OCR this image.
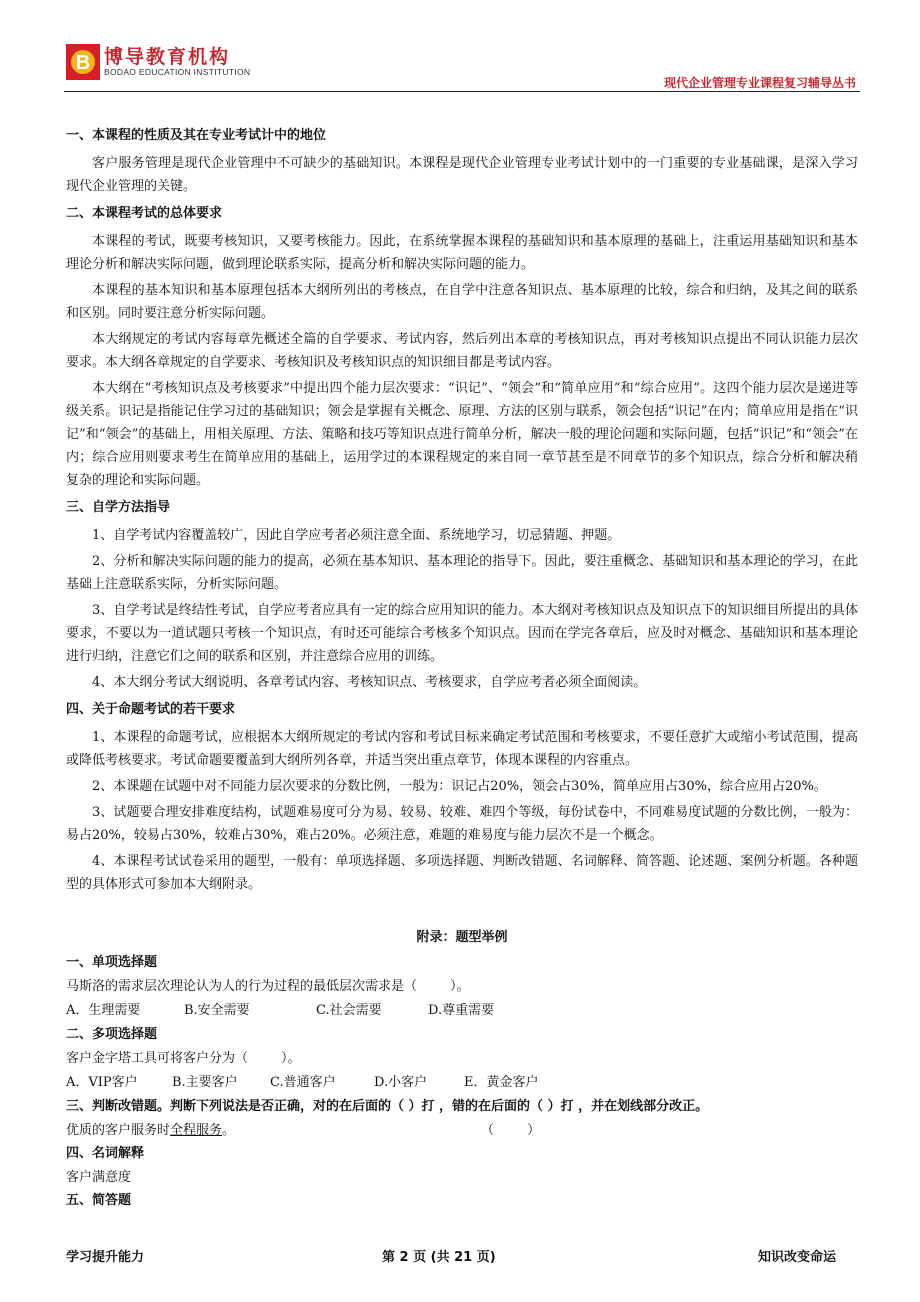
B 博导教育机构
BODAO EDUCATION INSTITUTION
现代企业管理专业课程复习辅导丛书
一、本课程的性质及其在专业考试计中的地位
客户服务管理是现代企业管理中不可缺少的基础知识。本课程是现代企业管理专业考试计划中的一门重要的专业基础课，是深入学习现代企业管理的关键。
二、本课程考试的总体要求
本课程的考试，既要考核知识，又要考核能力。因此，在系统掌握本课程的基础知识和基本原理的基础上，注重运用基础知识和基本理论分析和解决实际问题，做到理论联系实际，提高分析和解决实际问题的能力。
本课程的基本知识和基本原理包括本大纲所列出的考核点，在自学中注意各知识点、基本原理的比较，综合和归纳，及其之间的联系和区别。同时要注意分析实际问题。
本大纲规定的考试内容每章先概述全篇的自学要求、考试内容，然后列出本章的考核知识点，再对考核知识点提出不同认识能力层次要求。本大纲各章规定的自学要求、考核知识及考核知识点的知识细目都是考试内容。
本大纲在“考核知识点及考核要求”中提出四个能力层次要求：“识记”、“领会”和“简单应用”和“综合应用”。这四个能力层次是递进等级关系。识记是指能记住学习过的基础知识；领会是掌握有关概念、原理、方法的区别与联系，领会包括“识记”在内；简单应用是指在“识记”和“领会”的基础上，用相关原理、方法、策略和技巧等知识点进行简单分析，解决一般的理论问题和实际问题，包括“识记”和“领会”在内；综合应用则要求考生在简单应用的基础上，运用学过的本课程规定的来自同一章节甚至是不同章节的多个知识点，综合分析和解决稍复杂的理论和实际问题。
三、自学方法指导
1、自学考试内容覆盖较广，因此自学应考者必须注意全面、系统地学习，切忌猜题、押题。
2、分析和解决实际问题的能力的提高，必须在基本知识、基本理论的指导下。因此，要注重概念、基础知识和基本理论的学习，在此基础上注意联系实际，分析实际问题。
3、自学考试是终结性考试，自学应考者应具有一定的综合应用知识的能力。本大纲对考核知识点及知识点下的知识细目所提出的具体要求，不要以为一道试题只考核一个知识点，有时还可能综合考核多个知识点。因而在学完各章后，应及时对概念、基础知识和基本理论进行归纳，注意它们之间的联系和区别，并注意综合应用的训练。
4、本大纲分考试大纲说明、各章考试内容、考核知识点、考核要求，自学应考者必须全面阅读。
四、关于命题考试的若干要求
1、本课程的命题考试，应根据本大纲所规定的考试内容和考试目标来确定考试范围和考核要求，不要任意扩大或缩小考试范围，提高或降低考核要求。考试命题要覆盖到大纲所列各章，并适当突出重点章节，体现本课程的内容重点。
2、本课题在试题中对不同能力层次要求的分数比例，一般为：识记占20%，领会占30%，简单应用占30%，综合应用占20%。
3、试题要合理安排难度结构，试题难易度可分为易、较易、较难、难四个等级，每份试卷中，不同难易度试题的分数比例，一般为：易占20%，较易占30%，较难占30%，难占20%。必须注意，难题的难易度与能力层次不是一个概念。
4、本课程考试试卷采用的题型，一般有：单项选择题、多项选择题、判断改错题、名词解释、简答题、论述题、案例分析题。各种题型的具体形式可参加本大纲附录。
附录：题型举例
一、单项选择题
马斯洛的需求层次理论认为人的行为过程的最低层次需求是（        ）。
A．生理需要	B.安全需要	C.社会需要	D.尊重需要
二、多项选择题
客户金字塔工具可将客户分为（        ）。
A．VIP客户	B.主要客户	C.普通客户	D.小客户	E．黄金客户
三、判断改错题。判断下列说法是否正确，对的在后面的（ ）打 ，错的在后面的（ ）打 ，并在划线部分改正。
优质的客户服务时全程服务。	（        ）
四、名词解释
客户满意度
五、简答题
学习提升能力	第 2 页 (共 21 页)	知识改变命运
